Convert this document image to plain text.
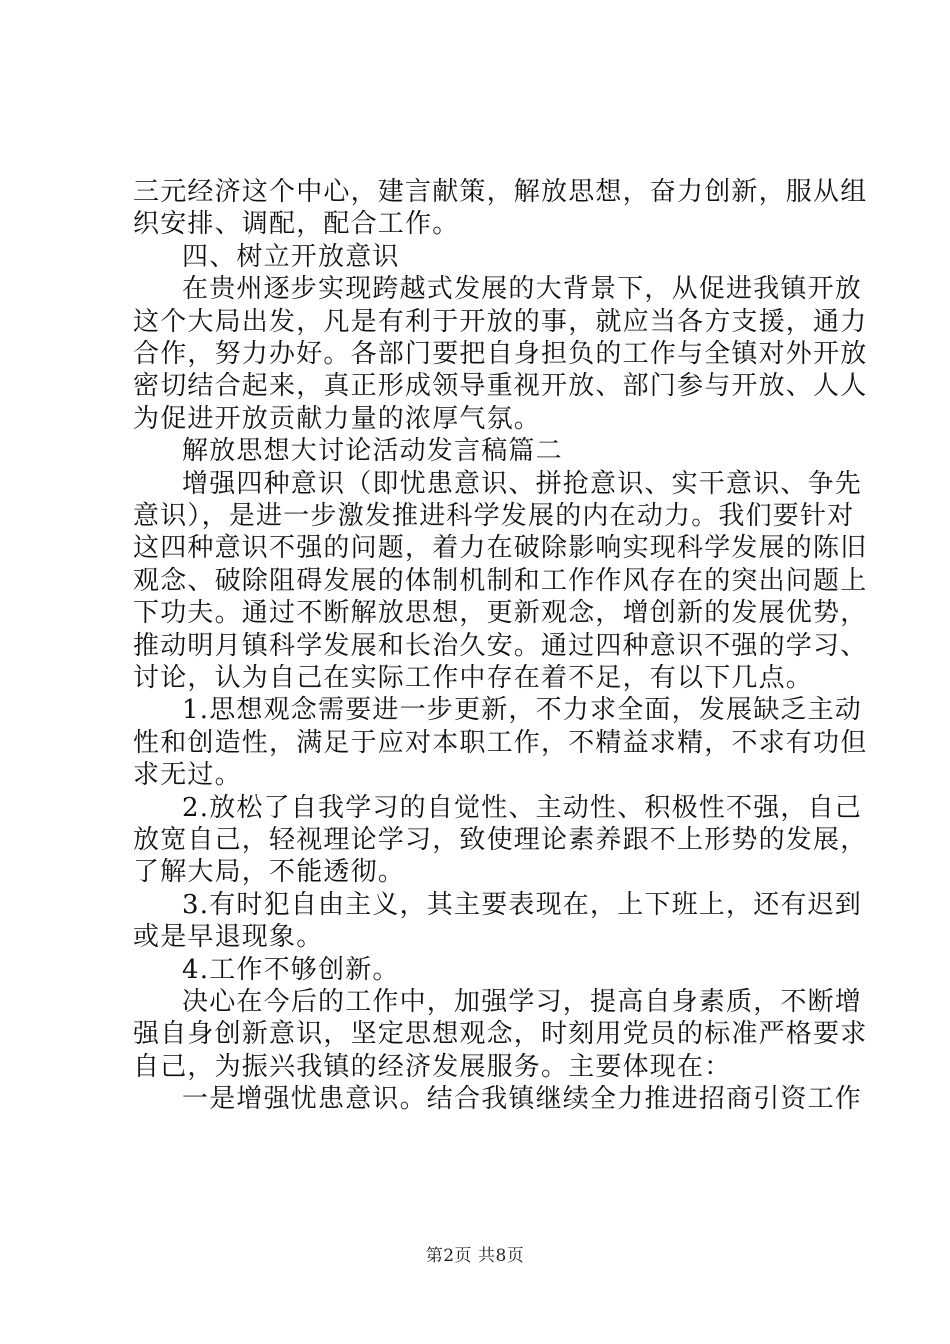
三元经济这个中心，建言献策，解放思想，奋力创新，服从组
织安排、调配，配合工作。
四、树立开放意识
在贵州逐步实现跨越式发展的大背景下，从促进我镇开放
这个大局出发，凡是有利于开放的事，就应当各方支援，通力
合作，努力办好。各部门要把自身担负的工作与全镇对外开放
密切结合起来，真正形成领导重视开放、部门参与开放、人人
为促进开放贡献力量的浓厚气氛。
解放思想大讨论活动发言稿篇二
增强四种意识（即忧患意识、拼抢意识、实干意识、争先
意识），是进一步激发推进科学发展的内在动力。我们要针对
这四种意识不强的问题，着力在破除影响实现科学发展的陈旧
观念、破除阻碍发展的体制机制和工作作风存在的突出问题上
下功夫。通过不断解放思想，更新观念，增创新的发展优势，
推动明月镇科学发展和长治久安。通过四种意识不强的学习、
讨论，认为自己在实际工作中存在着不足，有以下几点。
1.思想观念需要进一步更新，不力求全面，发展缺乏主动
性和创造性，满足于应对本职工作，不精益求精，不求有功但
求无过。
2.放松了自我学习的自觉性、主动性、积极性不强，自己
放宽自己，轻视理论学习，致使理论素养跟不上形势的发展，
了解大局，不能透彻。
3.有时犯自由主义，其主要表现在，上下班上，还有迟到
或是早退现象。
4.工作不够创新。
决心在今后的工作中，加强学习，提高自身素质，不断增
强自身创新意识，坚定思想观念，时刻用党员的标准严格要求
自己，为振兴我镇的经济发展服务。主要体现在：
一是增强忧患意识。结合我镇继续全力推进招商引资工作
第2页 共8页
